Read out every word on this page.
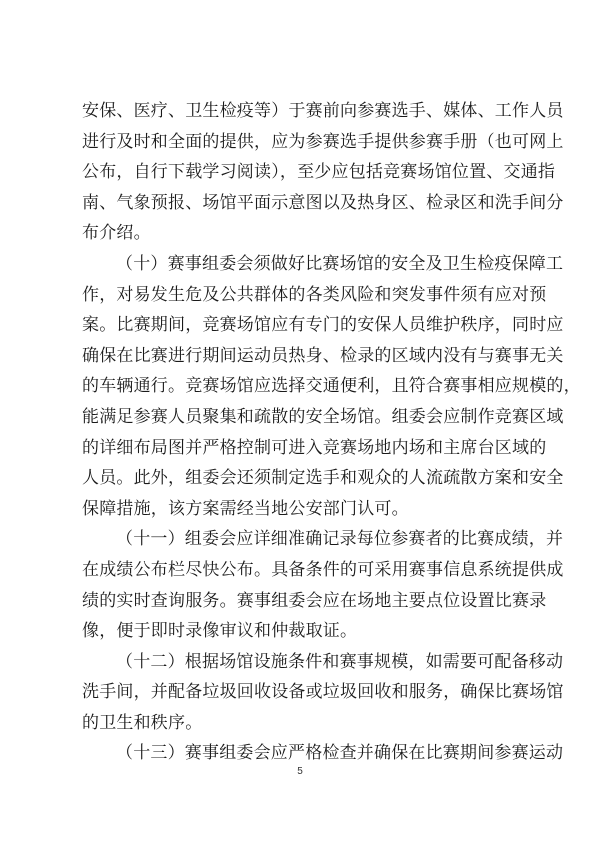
安保、医疗、卫生检疫等）于赛前向参赛选手、媒体、工作人员
进行及时和全面的提供，应为参赛选手提供参赛手册（也可网上
公布，自行下载学习阅读），至少应包括竞赛场馆位置、交通指
南、气象预报、场馆平面示意图以及热身区、检录区和洗手间分
布介绍。
（十）赛事组委会须做好比赛场馆的安全及卫生检疫保障工
作，对易发生危及公共群体的各类风险和突发事件须有应对预
案。比赛期间，竞赛场馆应有专门的安保人员维护秩序，同时应
确保在比赛进行期间运动员热身、检录的区域内没有与赛事无关
的车辆通行。竞赛场馆应选择交通便利，且符合赛事相应规模的，
能满足参赛人员聚集和疏散的安全场馆。组委会应制作竞赛区域
的详细布局图并严格控制可进入竞赛场地内场和主席台区域的
人员。此外，组委会还须制定选手和观众的人流疏散方案和安全
保障措施，该方案需经当地公安部门认可。
（十一）组委会应详细准确记录每位参赛者的比赛成绩，并
在成绩公布栏尽快公布。具备条件的可采用赛事信息系统提供成
绩的实时查询服务。赛事组委会应在场地主要点位设置比赛录
像，便于即时录像审议和仲裁取证。
（十二）根据场馆设施条件和赛事规模，如需要可配备移动
洗手间，并配备垃圾回收设备或垃圾回收和服务，确保比赛场馆
的卫生和秩序。
（十三）赛事组委会应严格检查并确保在比赛期间参赛运动
5
